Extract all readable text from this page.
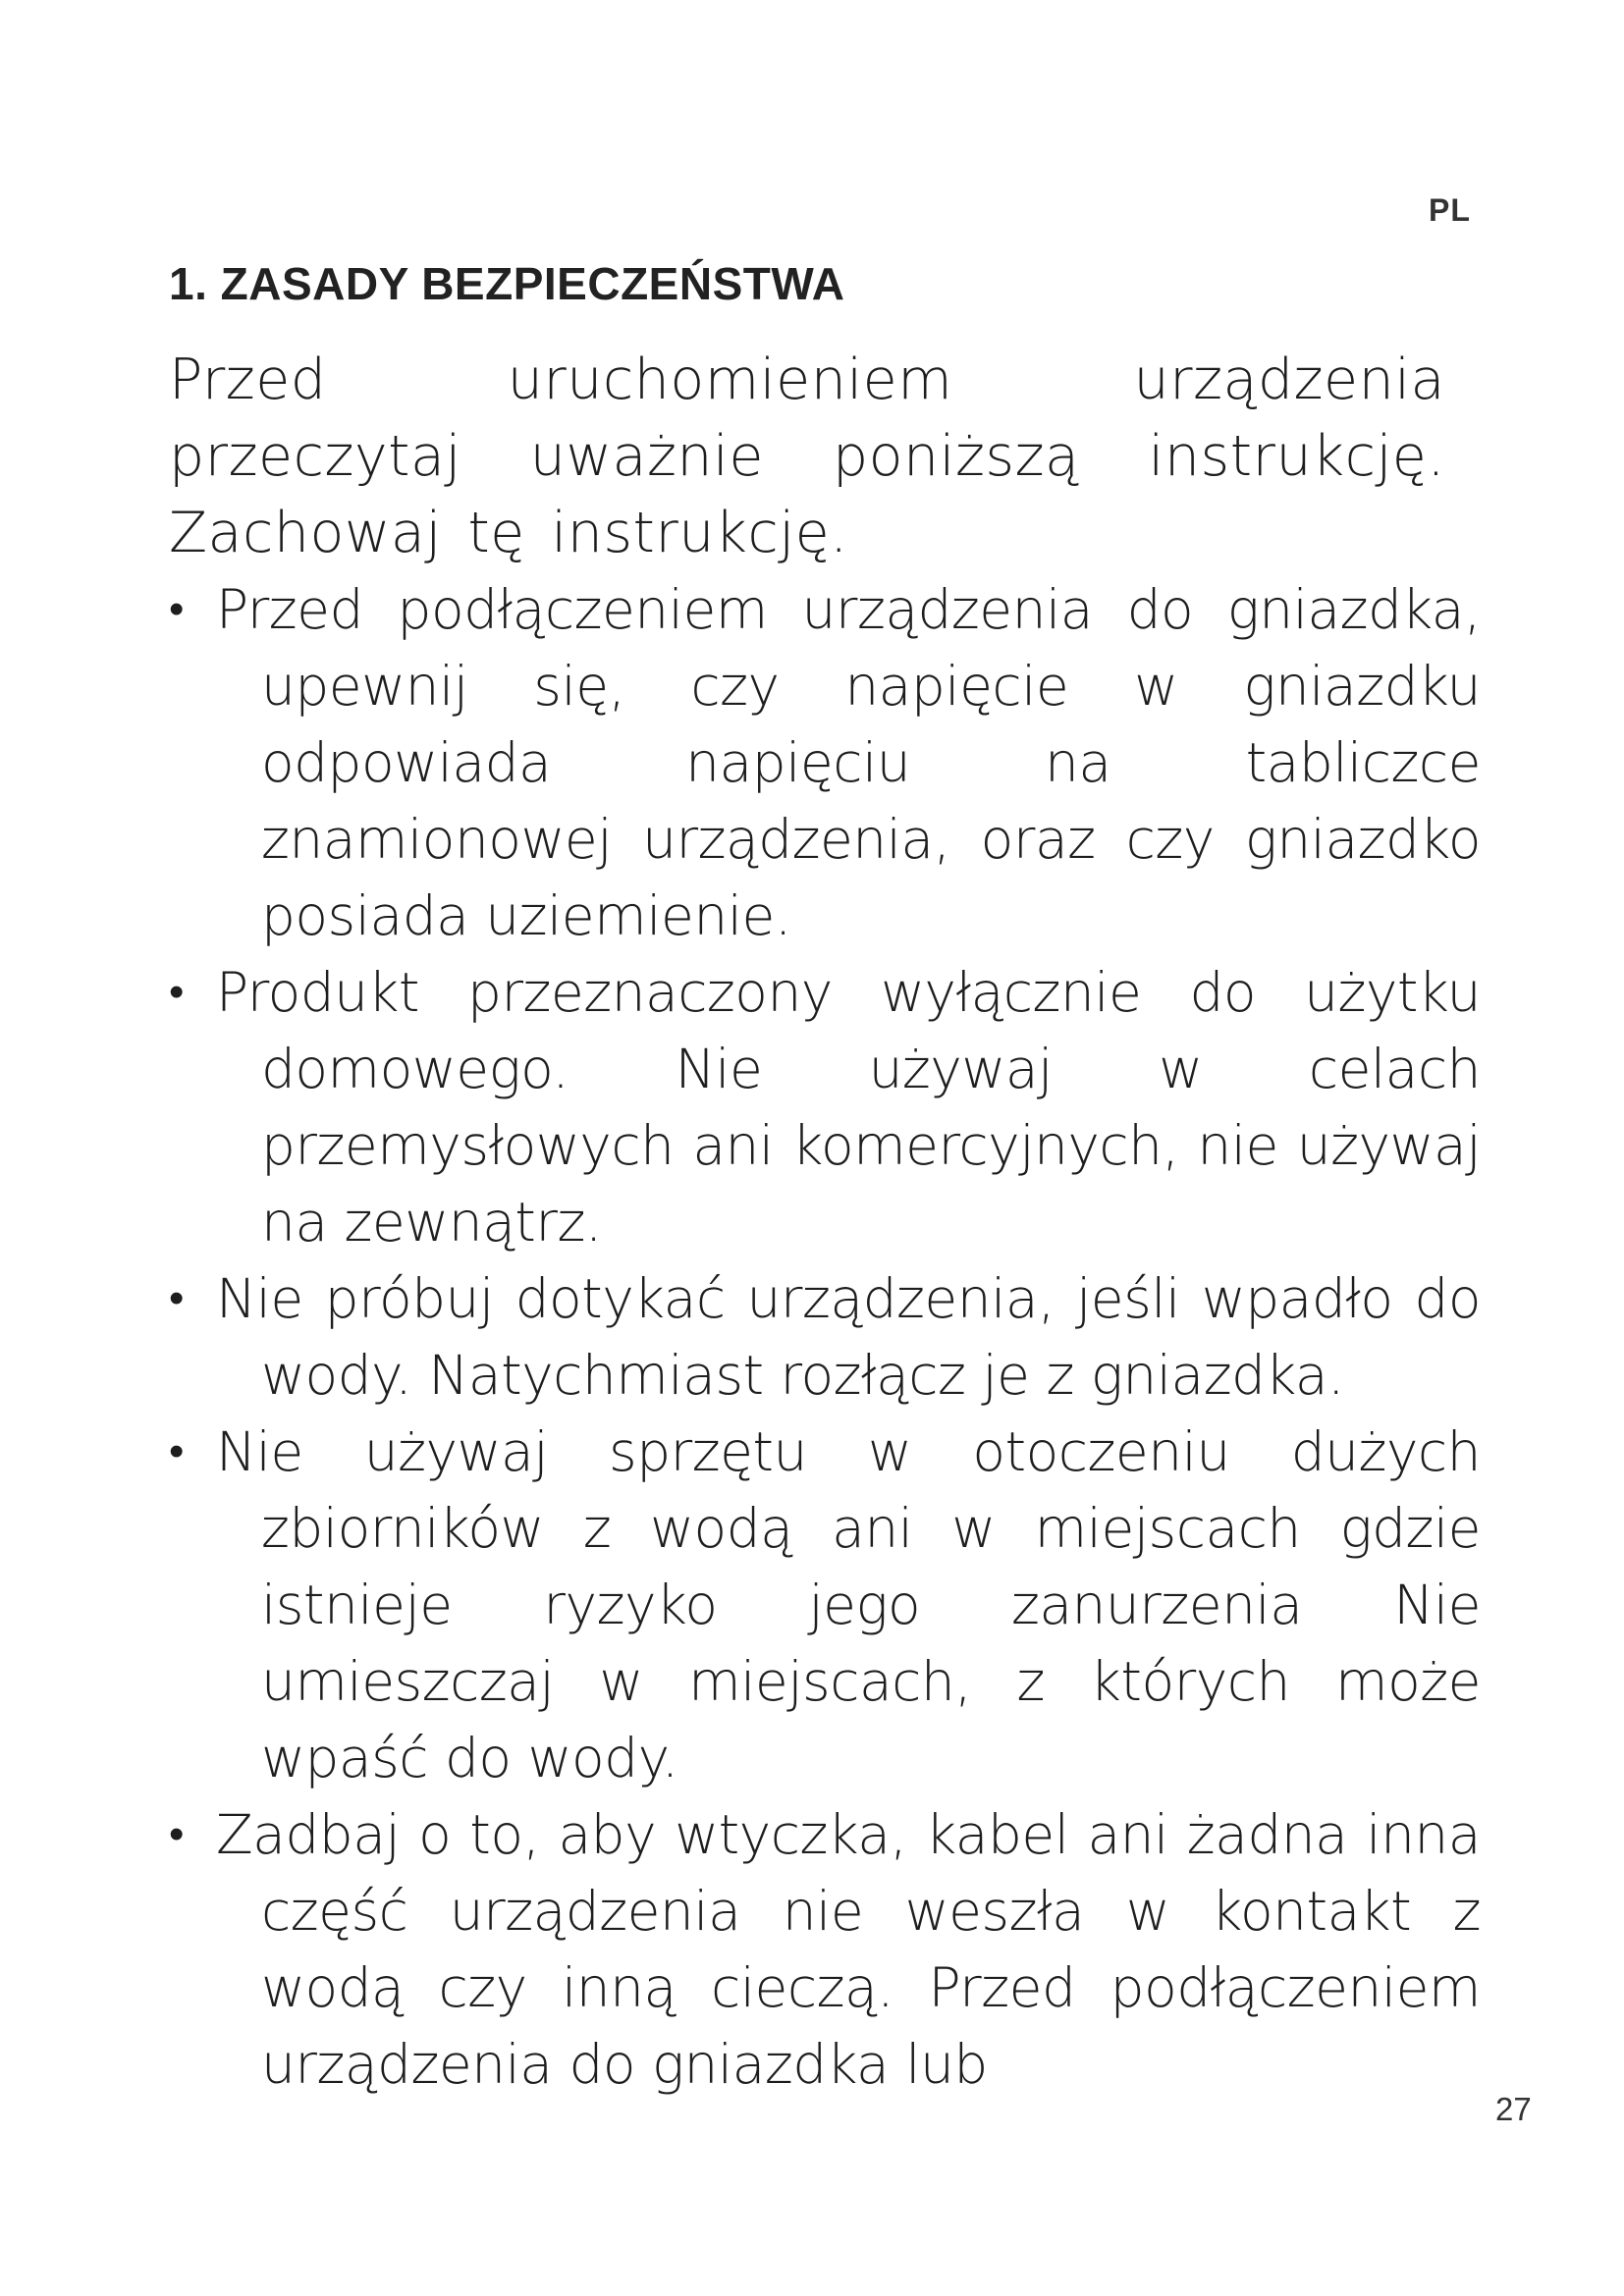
PL
1. ZASADY BEZPIECZEŃSTWA

Przed uruchomieniem urządzenia przeczytaj uważnie poniższą instrukcję. Zachowaj tę instrukcję.

• Przed podłączeniem urządzenia do gniazdka, upewnij się, czy napięcie w gniazdku odpowiada napięciu na tabliczce znamionowej urządzenia, oraz czy gniazdko posiada uziemienie.
• Produkt przeznaczony wyłącznie do użytku domowego. Nie używaj w celach przemysłowych ani komercyjnych, nie używaj na zewnątrz.
• Nie próbuj dotykać urządzenia, jeśli wpadło do wody. Natychmiast rozłącz je z gniazdka.
• Nie używaj sprzętu w otoczeniu dużych zbiorników z wodą ani w miejscach gdzie istnieje ryzyko jego zanurzenia Nie umieszczaj w miejscach, z których może wpaść do wody.
• Zadbaj o to, aby wtyczka, kabel ani żadna inna część urządzenia nie weszła w kontakt z wodą czy inną cieczą. Przed podłączeniem urządzenia do gniazdka lub
27
